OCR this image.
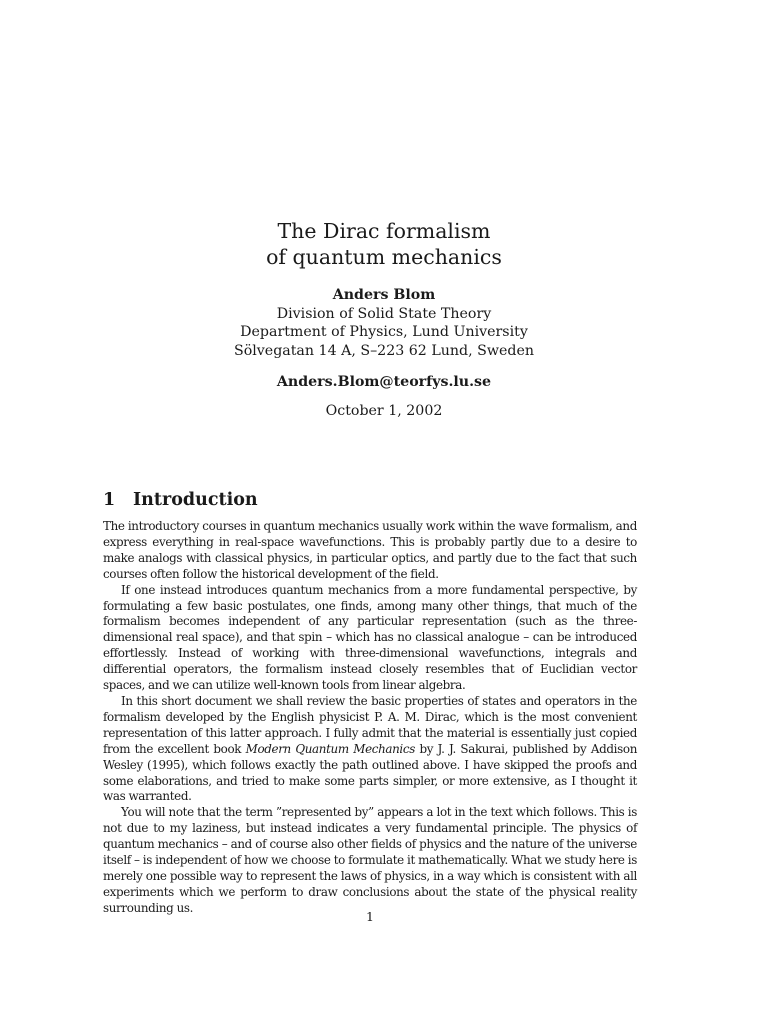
The Dirac formalism
of quantum mechanics
Anders Blom
Division of Solid State Theory
Department of Physics, Lund University
Sölvegatan 14 A, S–223 62 Lund, Sweden
Anders.Blom@teorfys.lu.se
October 1, 2002
1 Introduction

The introductory courses in quantum mechanics usually work within the wave formalism, and express everything in real-space wavefunctions. This is probably partly due to a desire to make analogs with classical physics, in particular optics, and partly due to the fact that such courses often follow the historical development of the field.

If one instead introduces quantum mechanics from a more fundamental perspective, by formulating a few basic postulates, one finds, among many other things, that much of the formalism becomes independent of any particular representation (such as the three-dimensional real space), and that spin – which has no classical analogue – can be introduced effortlessly. Instead of working with three-dimensional wavefunctions, integrals and differential operators, the formalism instead closely resembles that of Euclidian vector spaces, and we can utilize well-known tools from linear algebra.

In this short document we shall review the basic properties of states and operators in the formalism developed by the English physicist P. A. M. Dirac, which is the most convenient representation of this latter approach. I fully admit that the material is essentially just copied from the excellent book Modern Quantum Mechanics by J. J. Sakurai, published by Addison Wesley (1995), which follows exactly the path outlined above. I have skipped the proofs and some elaborations, and tried to make some parts simpler, or more extensive, as I thought it was warranted.

You will note that the term ”represented by” appears a lot in the text which follows. This is not due to my laziness, but instead indicates a very fundamental principle. The physics of quantum mechanics – and of course also other fields of physics and the nature of the universe itself – is independent of how we choose to formulate it mathematically. What we study here is merely one possible way to represent the laws of physics, in a way which is consistent with all experiments which we perform to draw conclusions about the state of the physical reality surrounding us.

1
